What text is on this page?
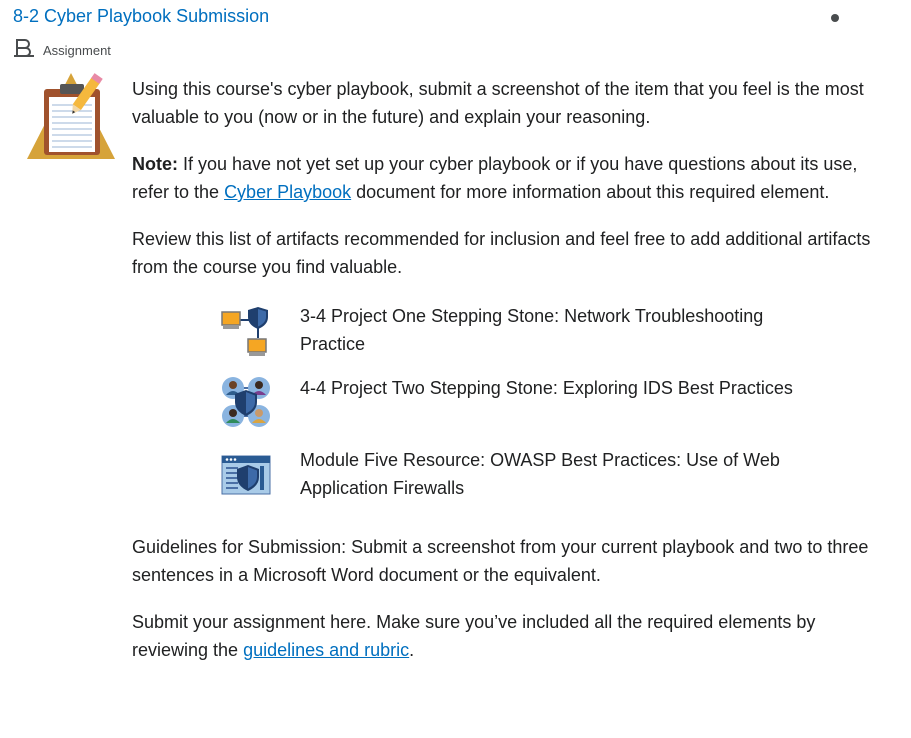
8-2 Cyber Playbook Submission
Assignment

Using this course's cyber playbook, submit a screenshot of the item that you feel is the most valuable to you (now or in the future) and explain your reasoning.

Note: If you have not yet set up your cyber playbook or if you have questions about its use, refer to the Cyber Playbook document for more information about this required element.

Review this list of artifacts recommended for inclusion and feel free to add additional artifacts from the course you find valuable.

3-4 Project One Stepping Stone: Network Troubleshooting Practice
4-4 Project Two Stepping Stone: Exploring IDS Best Practices
Module Five Resource: OWASP Best Practices: Use of Web Application Firewalls

Guidelines for Submission: Submit a screenshot from your current playbook and two to three sentences in a Microsoft Word document or the equivalent.

Submit your assignment here. Make sure you’ve included all the required elements by reviewing the guidelines and rubric.
